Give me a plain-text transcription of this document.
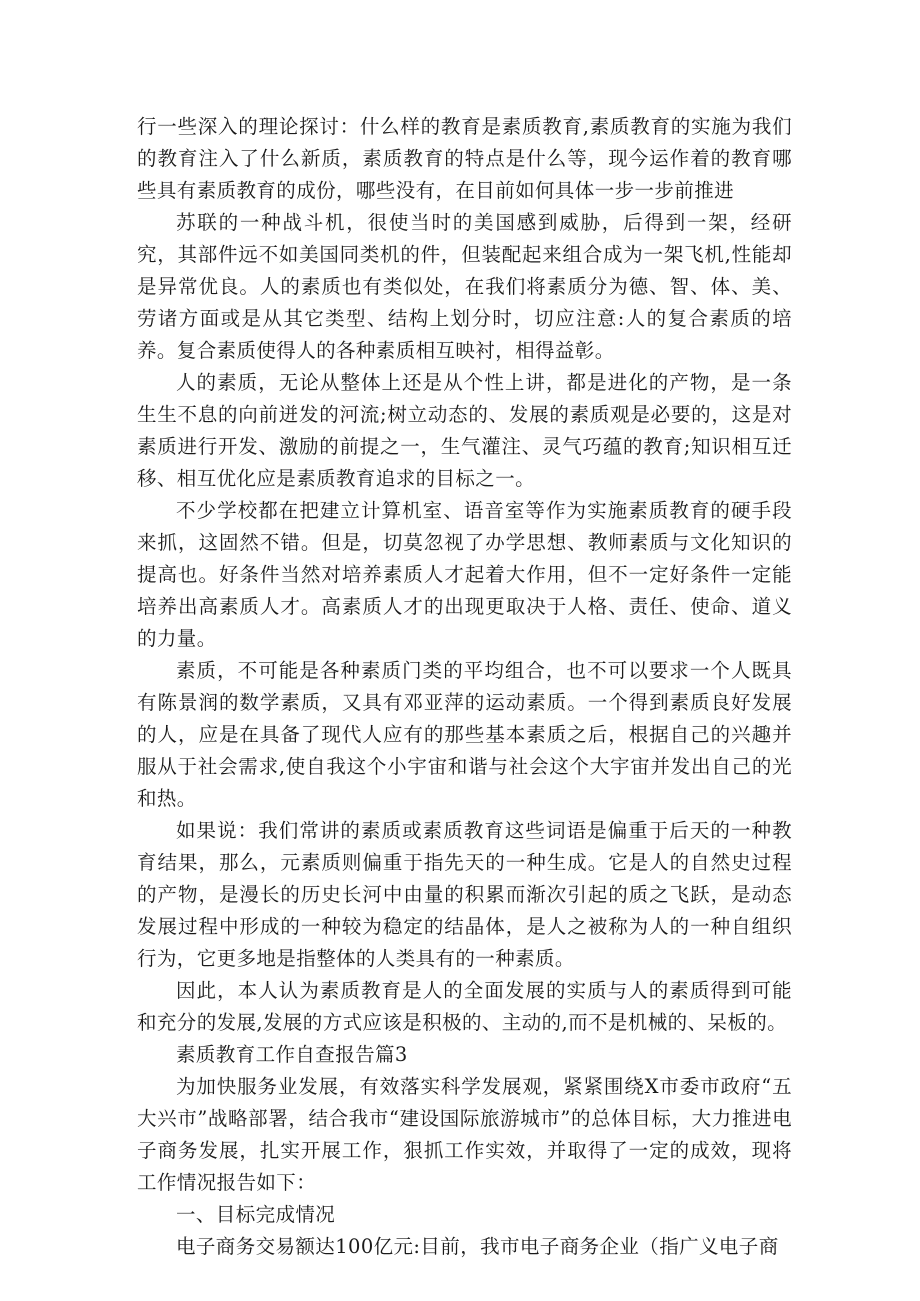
行一些深入的理论探讨：什么样的教育是素质教育,素质教育的实施为我们的教育注入了什么新质，素质教育的特点是什么等，现今运作着的教育哪些具有素质教育的成份，哪些没有，在目前如何具体一步一步前推进

苏联的一种战斗机，很使当时的美国感到威胁，后得到一架，经研究，其部件远不如美国同类机的件，但装配起来组合成为一架飞机,性能却是异常优良。人的素质也有类似处，在我们将素质分为德、智、体、美、劳诸方面或是从其它类型、结构上划分时，切应注意:人的复合素质的培养。复合素质使得人的各种素质相互映衬，相得益彰。

人的素质，无论从整体上还是从个性上讲，都是进化的产物，是一条生生不息的向前迸发的河流;树立动态的、发展的素质观是必要的，这是对素质进行开发、激励的前提之一，生气灌注、灵气巧蕴的教育;知识相互迁移、相互优化应是素质教育追求的目标之一。

不少学校都在把建立计算机室、语音室等作为实施素质教育的硬手段来抓，这固然不错。但是，切莫忽视了办学思想、教师素质与文化知识的提高也。好条件当然对培养素质人才起着大作用，但不一定好条件一定能培养出高素质人才。高素质人才的出现更取决于人格、责任、使命、道义的力量。

素质，不可能是各种素质门类的平均组合，也不可以要求一个人既具有陈景润的数学素质，又具有邓亚萍的运动素质。一个得到素质良好发展的人，应是在具备了现代人应有的那些基本素质之后，根据自己的兴趣并服从于社会需求,使自我这个小宇宙和谐与社会这个大宇宙并发出自己的光和热。

如果说：我们常讲的素质或素质教育这些词语是偏重于后天的一种教育结果，那么，元素质则偏重于指先天的一种生成。它是人的自然史过程的产物，是漫长的历史长河中由量的积累而渐次引起的质之飞跃，是动态发展过程中形成的一种较为稳定的结晶体，是人之被称为人的一种自组织行为，它更多地是指整体的人类具有的一种素质。

因此，本人认为素质教育是人的全面发展的实质与人的素质得到可能和充分的发展,发展的方式应该是积极的、主动的,而不是机械的、呆板的。

素质教育工作自查报告篇3

为加快服务业发展，有效落实科学发展观，紧紧围绕X市委市政府“五大兴市”战略部署，结合我市“建设国际旅游城市”的总体目标，大力推进电子商务发展，扎实开展工作，狠抓工作实效，并取得了一定的成效，现将工作情况报告如下：

一、目标完成情况

电子商务交易额达100亿元:目前，我市电子商务企业（指广义电子商
